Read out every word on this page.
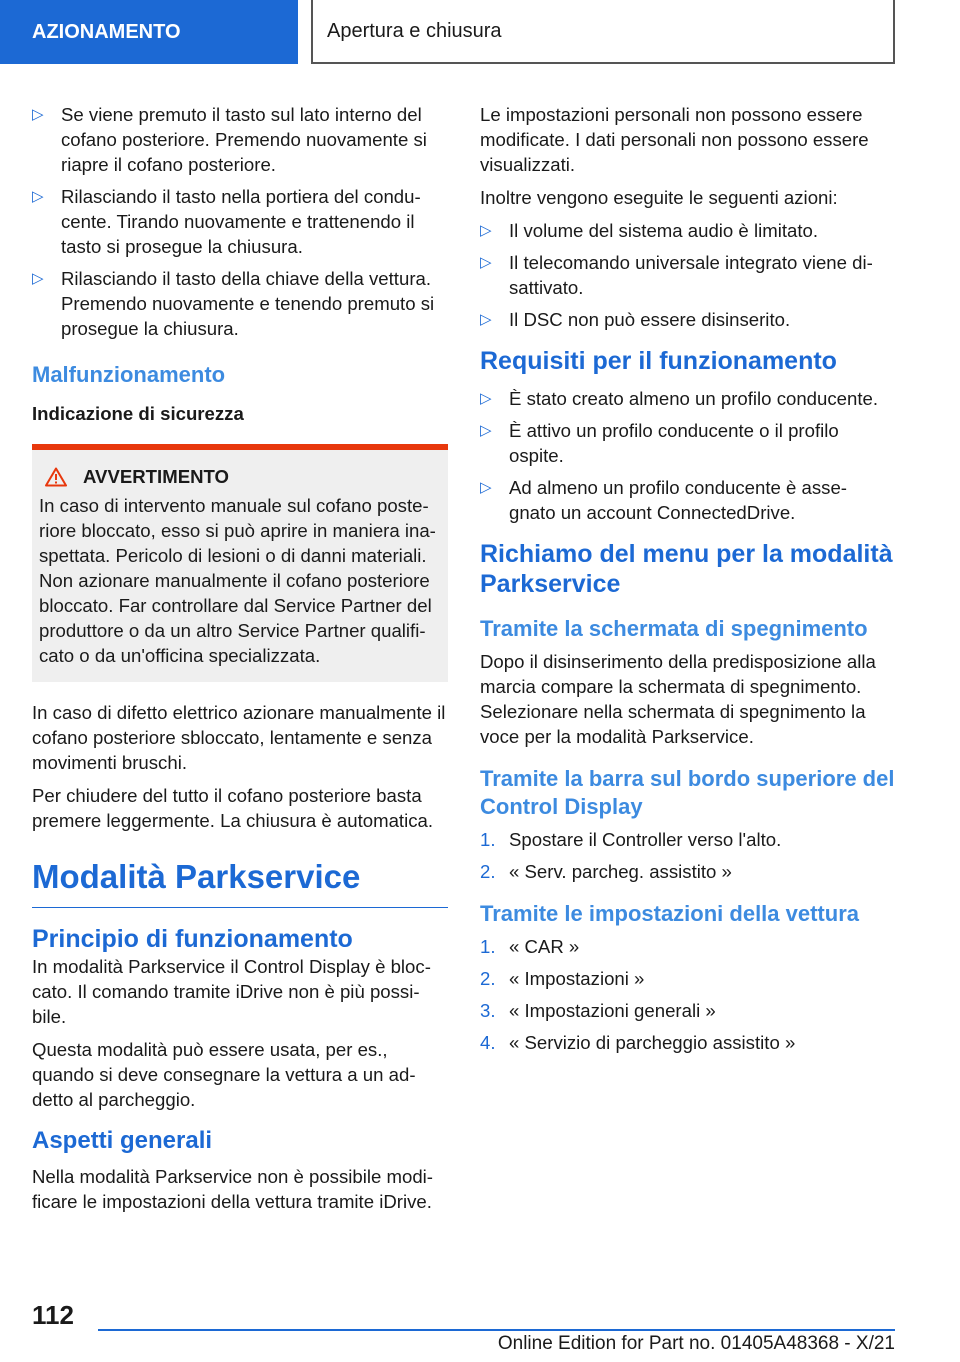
AZIONAMENTO	Apertura e chiusura
▷ Se viene premuto il tasto sul lato interno del cofano posteriore. Premendo nuovamente si riapre il cofano posteriore.
▷ Rilasciando il tasto nella portiera del condu- cente. Tirando nuovamente e trattenendo il tasto si prosegue la chiusura.
▷ Rilasciando il tasto della chiave della vettura. Premendo nuovamente e tenendo premuto si prosegue la chiusura.
Malfunzionamento
Indicazione di sicurezza
AVVERTIMENTO
In caso di intervento manuale sul cofano poste- riore bloccato, esso si può aprire in maniera ina- spettata. Pericolo di lesioni o di danni materiali. Non azionare manualmente il cofano posteriore bloccato. Far controllare dal Service Partner del produttore o da un altro Service Partner qualifi- cato o da un'officina specializzata.

In caso di difetto elettrico azionare manualmente il cofano posteriore sbloccato, lentamente e senza movimenti bruschi.

Per chiudere del tutto il cofano posteriore basta premere leggermente. La chiusura è automatica.

Modalità Parkservice
Principio di funzionamento

In modalità Parkservice il Control Display è bloc- cato. Il comando tramite iDrive non è più possi- bile.

Questa modalità può essere usata, per es., quando si deve consegnare la vettura a un ad- detto al parcheggio.

Aspetti generali

Nella modalità Parkservice non è possibile modi- ficare le impostazioni della vettura tramite iDrive.

Le impostazioni personali non possono essere modificate. I dati personali non possono essere visualizzati.

Inoltre vengono eseguite le seguenti azioni:

▷ Il volume del sistema audio è limitato.
▷ Il telecomando universale integrato viene di- sattivato.
▷ Il DSC non può essere disinserito.
Requisiti per il funzionamento
▷ È stato creato almeno un profilo conducente.
▷ È attivo un profilo conducente o il profilo ospite.
▷ Ad almeno un profilo conducente è asse- gnato un account ConnectedDrive.
Richiamo del menu per la modalità Parkservice
Tramite la schermata di spegnimento

Dopo il disinserimento della predisposizione alla marcia compare la schermata di spegnimento. Selezionare nella schermata di spegnimento la voce per la modalità Parkservice.

Tramite la barra sul bordo superiore del Control Display
1. Spostare il Controller verso l'alto.
2. « Serv. parcheg. assistito »
Tramite le impostazioni della vettura
1. « CAR »
2. « Impostazioni »
3. « Impostazioni generali »
4. « Servizio di parcheggio assistito »
112
Online Edition for Part no. 01405A48368 - X/21
